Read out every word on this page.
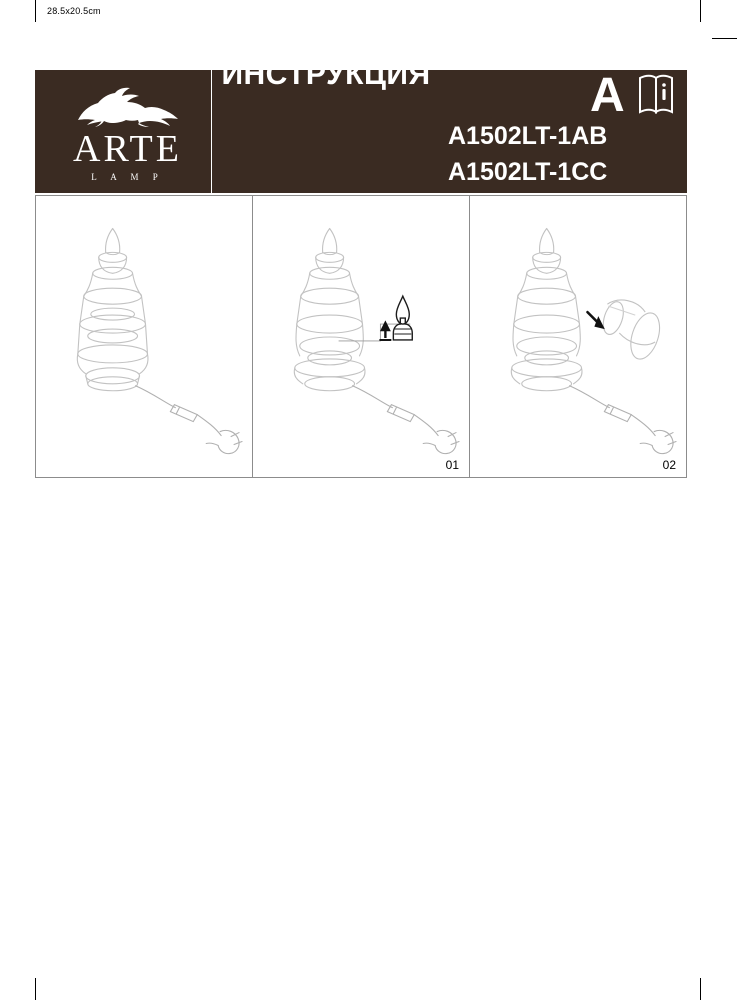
28.5x20.5cm
ARTE
L A M P
ASSEMBLY INSTRUCTION
ИНСТРУКЦИЯ
A1502LT-1AB
A1502LT-1CC
A
01	02
